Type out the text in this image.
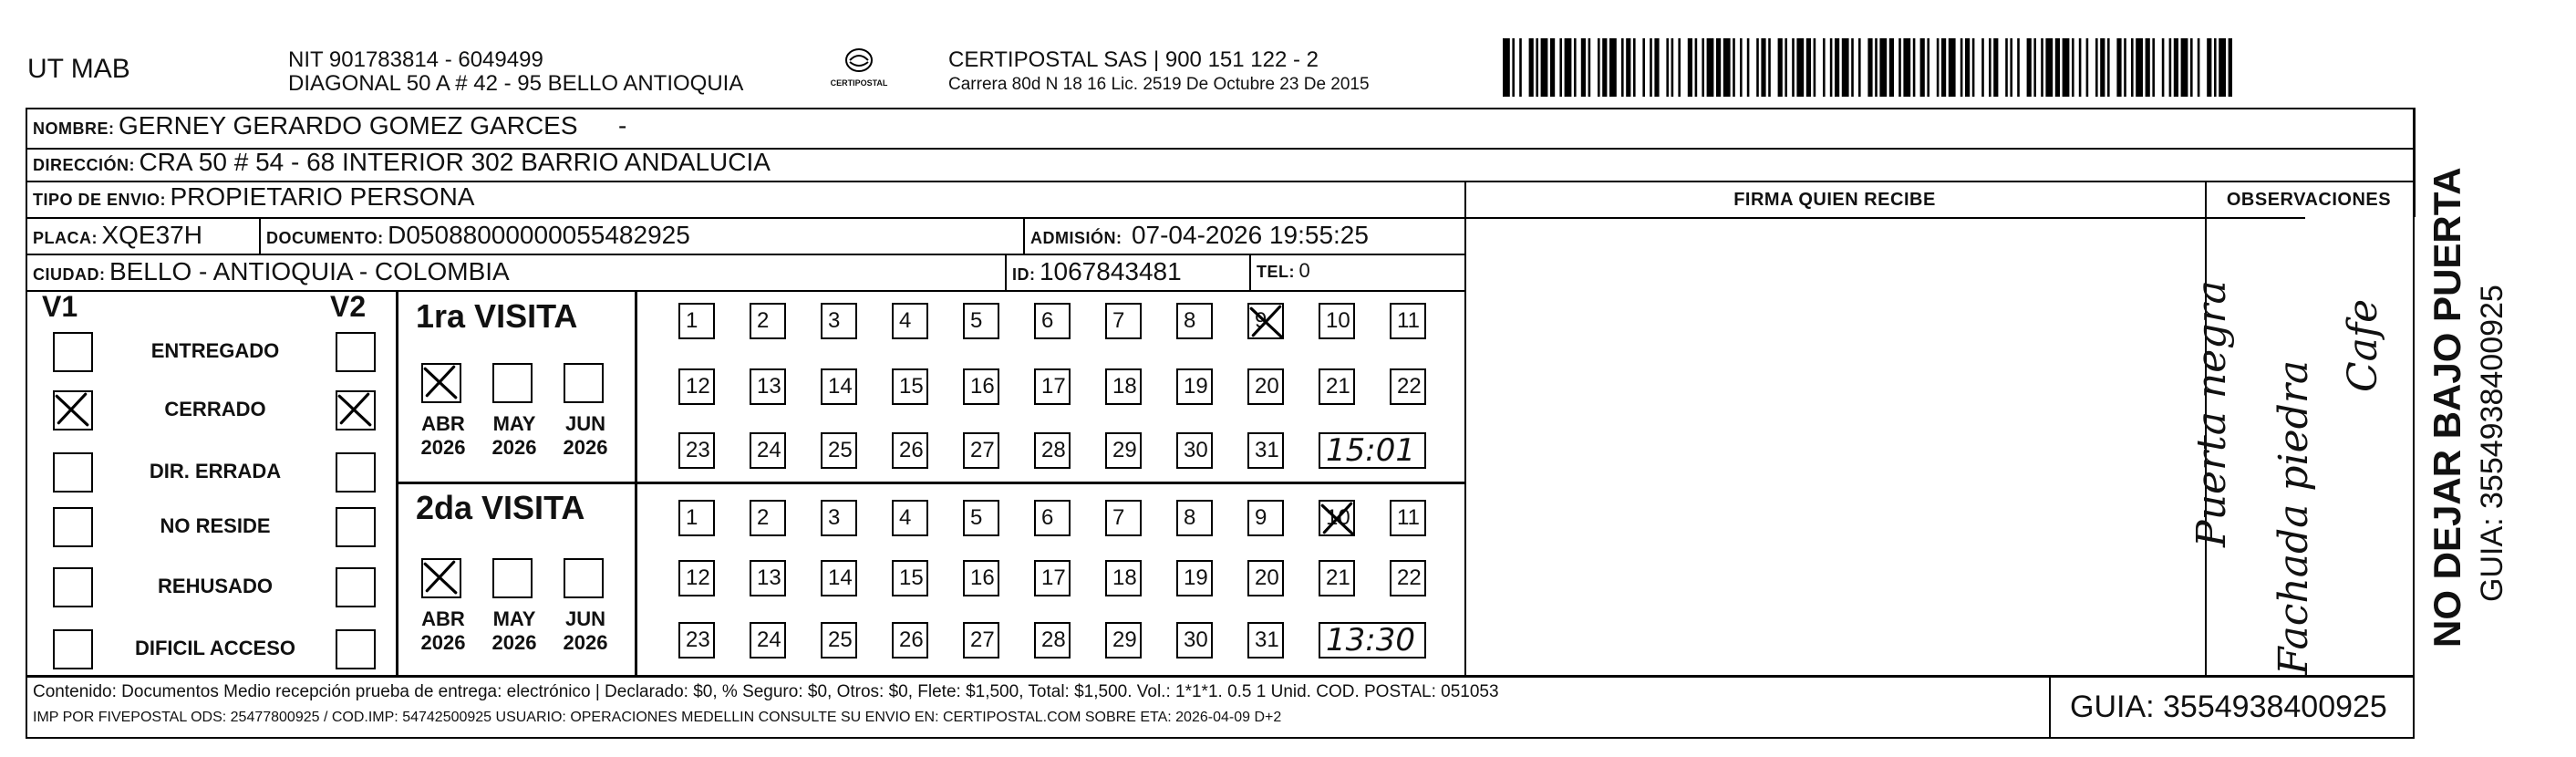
UT MAB	NIT 901783814 - 6049499
DIAGONAL 50 A # 42 - 95 BELLO ANTIOQUIA	CERTIPOSTAL
CERTIPOSTAL SAS | 900 151 122 - 2
Carrera 80d N 18 16 Lic. 2519 De Octubre 23 De 2015
NOMBRE: GERNEY GERARDO GOMEZ GARCES -
DIRECCIÓN: CRA 50 # 54 - 68 INTERIOR 302 BARRIO ANDALUCIA
TIPO DE ENVIO: PROPIETARIO PERSONA	FIRMA QUIEN RECIBE	OBSERVACIONES
PLACA: XQE37H	DOCUMENTO: D05088000000055482925	ADMISIÓN: 07-04-2026 19:55:25
CIUDAD: BELLO - ANTIOQUIA - COLOMBIA	ID: 1067843481	TEL: 0
V1	V2
ENTREGADO
CERRADO
DIR. ERRADA
NO RESIDE
REHUSADO
DIFICIL ACCESO
1ra VISITA
2da VISITA
ABR
2026
MAY
2026
JUN
2026
ABR
2026
MAY
2026
JUN
2026
1	2	3	4	5	6	7	8	9	10	11
12	13	14	15	16	17	18	19	20	21	22
23	24	25	26	27	28	29	30	31 15:01
1	2	3	4	5	6	7	8	9	10	11
12	13	14	15	16	17	18	19	20	21	22
23	24	25	26	27	28	29	30	31 13:30
Puerta negra Fachada piedra
Cafe
Contenido: Documentos Medio recepción prueba de entrega: electrónico | Declarado: $0, % Seguro: $0, Otros: $0, Flete: $1,500, Total: $1,500. Vol.: 1*1*1. 0.5 1 Unid. COD. POSTAL: 051053
IMP POR FIVEPOSTAL ODS: 25477800925 / COD.IMP: 54742500925 USUARIO: OPERACIONES MEDELLIN CONSULTE SU ENVIO EN: CERTIPOSTAL.COM SOBRE ETA: 2026-04-09 D+2	GUIA: 3554938400925
NO DEJAR BAJO PUERTA GUIA: 3554938400925
